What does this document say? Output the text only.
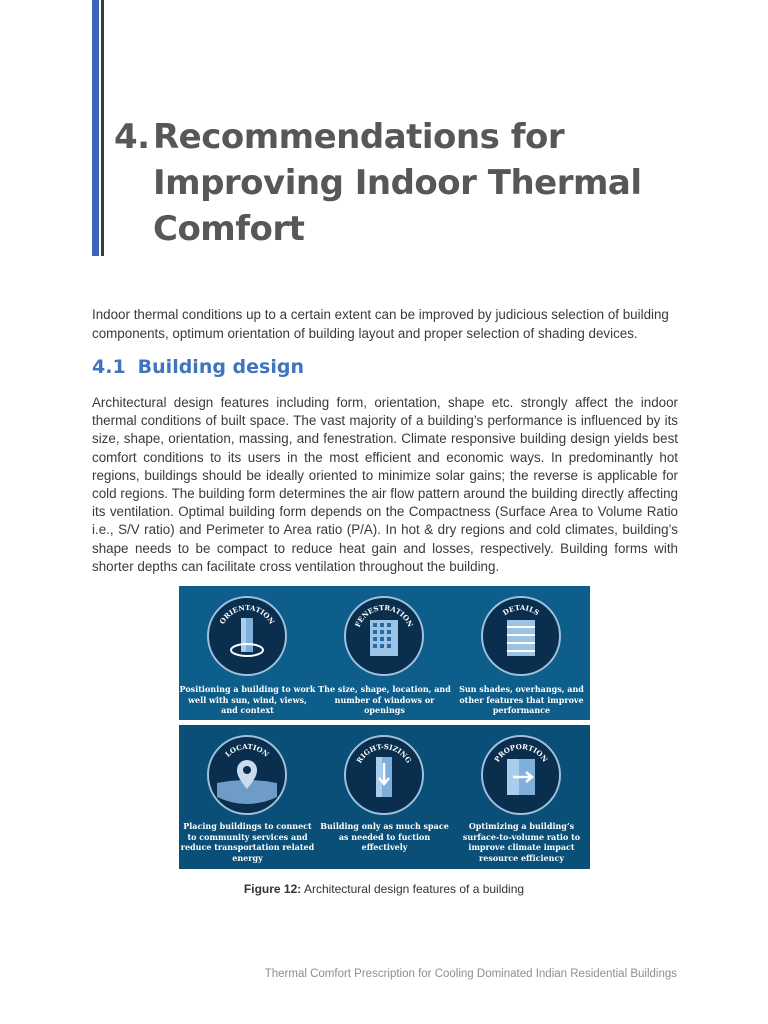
4. Recommendations for Improving Indoor Thermal Comfort

Indoor thermal conditions up to a certain extent can be improved by judicious selection of building components, optimum orientation of building layout and proper selection of shading devices.

4.1 Building design

Architectural design features including form, orientation, shape etc. strongly affect the indoor thermal conditions of built space. The vast majority of a building’s performance is influenced by its size, shape, orientation, massing, and fenestration. Climate responsive building design yields best comfort conditions to its users in the most efficient and economic ways. In predominantly hot regions, buildings should be ideally oriented to minimize solar gains; the reverse is applicable for cold regions. The building form determines the air flow pattern around the building directly affecting its ventilation. Optimal building form depends on the Compactness (Surface Area to Volume Ratio i.e., S/V ratio) and Perimeter to Area ratio (P/A). In hot & dry regions and cold climates, building’s shape needs to be compact to reduce heat gain and losses, respectively. Building forms with shorter depths can facilitate cross ventilation throughout the building.

ORIENTATION
Positioning a building to work well with sun, wind, views, and context
FENESTRATION
The size, shape, location, and number of windows or openings
DETAILS
Sun shades, overhangs, and other features that improve performance
LOCATION
Placing buildings to connect to community services and reduce transportation related energy
RIGHT-SIZING
Building only as much space as needed to fuction effectively
PROPORTION
Optimizing a building’s surface-to-volume ratio to improve climate impact resource efficiency
Figure 12: Architectural design features of a building
Thermal Comfort Prescription for Cooling Dominated Indian Residential Buildings
